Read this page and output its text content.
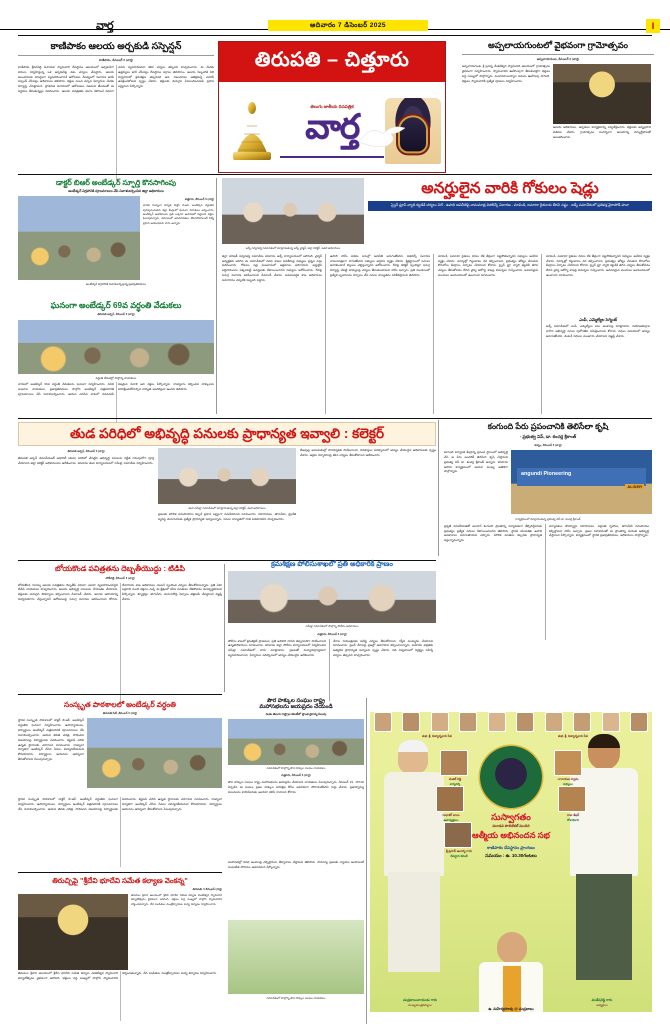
వార్త	ఆదివారం 7 డిసెంబర్ 2025	I
తిరుపతి – చిత్తూరు
తెలుగు జాతీయ దినపత్రిక
వార్త
కాణిపాకం ఆలయ అర్చకుడి సస్పెన్షన్
కాణిపాకం, డిసెంబర్ 6 (వార్త)
కాణిపాకం శ్రీవరసిద్ధి వినాయక స్వామివారి దేవస్థానం ఆలయంలో అర్చకుడిగా విధులు నిర్వహిస్తున్న ఒక అర్చకుడిపై ఈఓ చర్యలు చేపట్టారు. ఆలయ నిబంధనలకు విరుద్ధంగా వ్యవహరించారనే ఆరోపణల నేపథ్యంలో విచారణ జరిపి సస్పెండ్ చేసినట్లు అధికారులు తెలిపారు. భక్తుల నుంచి వచ్చిన ఫిర్యాదుల మేరకు దర్యాప్తు చేపట్టామని, ప్రాథమిక విచారణలో ఆరోపణలు నిజమని తేలడంతో ఈ నిర్ణయం తీసుకున్నట్లు వివరించారు. ఆలయ పవిత్రతకు భంగం కలిగించే విధంగా ఎవరు వ్యవహరించినా కఠిన చర్యలు తప్పవని హెచ్చరించారు. ఈ మేరకు ఉత్తర్వులు జారీ చేసినట్లు దేవస్థానం వర్గాలు తెలిపాయి. ఆలయ సిబ్బందికి విధి నిర్వహణలో క్రమశిక్షణ తప్పనిసరి అని, నిబంధనలు అతిక్రమిస్తే ఎవరినీ ఉపేక్షించబోమని స్పష్టం చేశారు. భక్తులకు మెరుగైన సేవలందించడమే ప్రధాన లక్ష్యమని పేర్కొన్నారు.
అప్పలాయగుంటలో వైభవంగా గ్రామోత్సవం
అప్పలాయగుంట, డిసెంబర్ 6 (వార్త)
అప్పలాయగుంట శ్రీ ప్రసన్న వేంకటేశ్వర స్వామివారి ఆలయంలో గ్రామోత్సవం వైభవంగా నిర్వహించారు. స్వామివారిని ఊరేగింపుగా తీసుకువెళ్లగా భక్తులు పెద్ద సంఖ్యలో పాల్గొన్నారు. మంగళవాయిద్యాల నడుమ ఊరేగింపు సాగింది. భక్తులు స్వామివారికి ప్రత్యేక పూజలు నిర్వహించారు.
ఆలయ అధికారులు, అర్చకులు కార్యక్రమాన్ని పర్యవేక్షించారు. భక్తులకు అన్నప్రసాద వితరణ చేశారు. గ్రామోత్సవం సందర్భంగా ఆలయాన్ని విద్యుద్దీపాలతో అలంకరించారు.
డాక్టర్ బిఆర్ అంబేడ్కర్ స్ఫూర్తి కొనసాగింపు
అంబేడ్కర్ విగ్రహానికి పూలమాలలు వేసి నివాళులర్పించిన జిల్లా అధికారులు
చిత్తూరు, డిసెంబర్ 6 (వార్త)
భారత రాజ్యాంగ నిర్మాత డాక్టర్ బి.ఆర్. అంబేడ్కర్ వర్ధంతిని పురస్కరించుకుని జిల్లా కేంద్రంలో ఘనంగా నివాళులు అర్పించారు. అంబేడ్కర్ ఆశయాలను ప్రతి ఒక్కరూ ఆచరణలో పెట్టాలని వక్తలు పిలుపునిచ్చారు. సమాజంలో అసమానతలు తొలగిపోవాలంటే విద్యే ప్రధాన ఆయుధమని వారు అన్నారు.
అంబేడ్కర్ విగ్రహానికి నివాళులర్పిస్తున్న ప్రజాప్రతినిధులు
ఘనంగా అంబేడ్కర్ 69వ వర్ధంతి వేడుకలు
తిరుపతి అర్బన్, డిసెంబర్ 6 (వార్త)
వర్ధంతి వేడుకల్లో పాల్గొన్న నాయకులు
నగరంలో అంబేడ్కర్ 69వ వర్ధంతి వేడుకలను ఘనంగా నిర్వహించారు. వివిధ సంఘాల నాయకులు, ప్రజాప్రతినిధులు పాల్గొని అంబేడ్కర్ చిత్రపటానికి పూలమాలలు వేసి నివాళులర్పించారు. ఆయన చూపిన బాటలో నడవడమే నిజమైన నివాళి అని వక్తలు పేర్కొన్నారు. రాజ్యాంగం కల్పించిన హక్కులను పరిరక్షించుకోవాల్సిన బాధ్యత అందరిపైనా ఉందని తెలిపారు.
జడ్పీ సర్వసభ్య సమావేశంలో మాట్లాడుతున్న జడ్పీ ఛైర్మన్, జిల్లా కలెక్టర్, ఇతర అధికారులు
అనర్హులైన వారికి గోకులం షెడ్లు
స్వైన్ ఫ్లూస్ వ్యాధి కట్టడికి చర్యలు నిల్ - ఉపాధి అవినీతిపై నామమాత్ర విజిలెన్స్ విచారణ - మామిడి, టమాటా రైతులకు తీరని నష్టం - జడ్పీ సమావేశంలో ప్రతిపక్ష వైరాపోడే హవా
జిల్లా పరిషత్ సర్వసభ్య సమావేశం శనివారం జడ్పీ కార్యాలయంలో జరిగింది. చైర్మన్ అధ్యక్షతన జరిగిన ఈ సమావేశంలో వివిధ శాఖల పనితీరుపై సభ్యులు ప్రశ్నల వర్షం కురిపించారు. గోకులం షెడ్ల మంజూరులో అక్రమాలు జరిగాయని, అర్హులైన లబ్ధిదారులను పక్కనపెట్టి అనర్హులకు కేటాయించారని సభ్యులు ఆరోపించారు. దీనిపై సమగ్ర విచారణ జరిపించాలని డిమాండ్ చేశారు. పశుసంవర్ధక శాఖ అధికారులు సమాధానం చెప్పలేక ఇబ్బంది పడ్డారు.
ఉపాధి హామీ పథకం పనుల్లో అవినీతి జరుగుతోందని, విజిలెన్స్ విచారణ నామమాత్రంగా సాగుతోందని సభ్యులు ఆగ్రహం వ్యక్తం చేశారు. క్షేత్రస్థాయిలో పనులు జరగకుండానే బిల్లులు చెల్లిస్తున్నారని ఆరోపించారు. దీనిపై కలెక్టర్ స్పందిస్తూ సమగ్ర దర్యాప్తు చేపట్టి బాధ్యులపై చర్యలు తీసుకుంటామని హామీ ఇచ్చారు. ప్రతి మండలంలో ప్రత్యేక బృందాలను ఏర్పాటు చేసి పనుల నాణ్యతను పరిశీలిస్తామని తెలిపారు.
మామిడి, టమాటా రైతులు ధరలు లేక తీవ్రంగా నష్టపోతున్నారని సభ్యులు ఆవేదన వ్యక్తం చేశారు. మార్కెట్లో గిట్టుబాటు ధర కల్పించాలని, ప్రభుత్వం జోక్యం చేసుకుని కొనుగోలు కేంద్రాలు ఏర్పాటు చేయాలని కోరారు. స్వైన్ ఫ్లూ వ్యాధి కట్టడికి తగిన చర్యలు తీసుకోవడం లేదని వైద్య ఆరోగ్య శాఖపై విమర్శలు గుప్పించారు. అవసరమైన మందులు అందుబాటులో ఉంచాలని సూచించారు.
మామిడి, టమాటా రైతులు ధరలు లేక తీవ్రంగా నష్టపోతున్నారని సభ్యులు ఆవేదన వ్యక్తం చేశారు. మార్కెట్లో గిట్టుబాటు ధర కల్పించాలని, ప్రభుత్వం జోక్యం చేసుకుని కొనుగోలు కేంద్రాలు ఏర్పాటు చేయాలని కోరారు. స్వైన్ ఫ్లూ వ్యాధి కట్టడికి తగిన చర్యలు తీసుకోవడం లేదని వైద్య ఆరోగ్య శాఖపై విమర్శలు గుప్పించారు. అవసరమైన మందులు అందుబాటులో ఉంచాలని సూచించారు.
ఎంపీ, ఎమ్మెల్యేల సెగ్మెంట్
జడ్పీ సమావేశంలో ఎంపీ, ఎమ్మెల్యేలు పలు అంశాలపై మాట్లాడారు. నియోజకవర్గాల వారీగా అభివృద్ధి పనుల పురోగతిని సమీక్షించాలని కోరారు. నిధుల విడుదలలో జాప్యం జరుగుతోందని, వెంటనే నిధులు మంజూరు చేయాలని విజ్ఞప్తి చేశారు.
తుడ పరిధిలో అభివృద్ధి పనులకు ప్రాధాన్యత ఇవ్వాలి : కలెక్టర్
తిరుపతి అర్బన్, డిసెంబర్ 6 (వార్త)
తిరుపతి అర్బన్ డెవలప్‌మెంట్ అథారిటీ (తుడ) పరిధిలో చేపట్టిన అభివృద్ధి పనులను నిర్ణీత గడువులోగా పూర్తి చేయాలని జిల్లా కలెక్టర్ అధికారులను ఆదేశించారు. శనివారం తుడ కార్యాలయంలో సమీక్షా సమావేశం నిర్వహించారు.
తుడ సమీక్షా సమావేశంలో మాట్లాడుతున్న జిల్లా కలెక్టర్, తుడ అధికారులు
ప్రజలకు మౌలిక సదుపాయాల కల్పనే ప్రధాన లక్ష్యంగా పనిచేయాలని సూచించారు. రహదారులు, తాగునీరు, డ్రైనేజీ వ్యవస్థ మెరుగుదలకు ప్రత్యేక ప్రాధాన్యత ఇవ్వాలన్నారు. పనుల నాణ్యతలో రాజీ పడకూడదని హెచ్చరించారు.
లేఅవుట్ల అనుమతుల్లో పారదర్శకత పాటించాలని, దరఖాస్తుల పరిష్కారంలో జాప్యం చేయొద్దని అధికారులకు స్పష్టం చేశారు. అక్రమ నిర్మాణాలపై కఠిన చర్యలు తీసుకోవాలని ఆదేశించారు.
కంగుంది పేరు ప్రపంచానికి తెలిసేలా కృషి
- ప్రభుత్వ విప్, డా. కంచర్ల శ్రీకాంత్
కుప్పం, డిసెంబర్ 6 (వార్త)
కంగుంది పర్యాటక కేంద్రాన్ని ప్రపంచ స్థాయిలో అభివృద్ధి చేసి ఆ పేరు అందరికీ తెలిసేలా కృషి చేస్తామని ప్రభుత్వ విప్ డా. కంచర్ల శ్రీకాంత్ అన్నారు. శనివారం జరిగిన కార్యక్రమంలో ఆయన ముఖ్య అతిథిగా పాల్గొన్నారు.	angundi Pioneering
ALISER
కార్యక్రమంలో మాట్లాడుతున్న ప్రభుత్వ విప్ డా. కంచర్ల శ్రీకాంత్
ప్రకృతి రమణీయతతో అలరారే కంగుంది ప్రాంతాన్ని పర్యాటకంగా తీర్చిదిద్దేందుకు ప్రభుత్వం ప్రత్యేక నిధులు కేటాయించిందని తెలిపారు. స్థానిక యువతకు ఉపాధి అవకాశాలు పెరుగుతాయని చెప్పారు. మౌలిక వసతుల కల్పనకు ప్రాధాన్యత ఇస్తున్నామన్నారు.
పర్యాటకుల సౌకర్యార్థం రహదారులు, విశ్రాంతి గృహాలు, తాగునీటి సదుపాయం కల్పిస్తామని హామీ ఇచ్చారు. ప్రజల సహకారంతో ఈ ప్రాంతాన్ని మరింత అభివృద్ధి చేస్తామని పేర్కొన్నారు. కార్యక్రమంలో స్థానిక ప్రజాప్రతినిధులు, అధికారులు పాల్గొన్నారు.
బోయకొండ పవిత్రతను దెబ్బతీయొద్దు : టిడిపి
చౌడేపల్లె, డిసెంబర్ 6 (వార్త)
బోయకొండ గంగమ్మ ఆలయ పవిత్రతను దెబ్బతీసే విధంగా ఎవరూ వ్యవహరించవద్దని టిడిపి నాయకులు హెచ్చరించారు. ఆలయ అభివృద్ధి పనులను వేగవంతం చేయాలని, భక్తులకు మెరుగైన సౌకర్యాలు కల్పించాలని డిమాండ్ చేశారు. ఆలయ ఆదాయాన్ని దుర్వినియోగం చేస్తున్నారనే ఆరోపణలపై సమగ్ర విచారణ జరిపించాలని కోరారు. దేవాదాయ శాఖ అధికారులు వెంటనే స్పందించి చర్యలు తీసుకోవాలన్నారు. ప్రతి ఏటా లక్షలాది మంది భక్తులు వచ్చే ఈ క్షేత్రంలో కనీస వసతులు లేకపోవడం దురదృష్టకరమని పేర్కొన్నారు. క్యూలైన్లు, తాగునీరు, మరుగుదొడ్ల ఏర్పాటు తక్షణమే చేపట్టాలని విజ్ఞప్తి చేశారు.
క్రమశిక్షణ పోలీసుశాఖలో ప్రతి అధికారికీ ప్రాణం
సమీక్షా సమావేశంలో పాల్గొన్న పోలీసు అధికారులు
చిత్తూరు, డిసెంబర్ 6 (వార్త)
పోలీసు శాఖలో క్రమశిక్షణే ప్రాణమని, ప్రతి అధికారి దానిని తప్పనిసరిగా పాటించాలని ఉన్నతాధికారులు సూచించారు. శనివారం జిల్లా పోలీసు కార్యాలయంలో నిర్వహించిన సమీక్షా సమావేశంలో వారు మాట్లాడారు. ప్రజలతో మర్యాదపూర్వకంగా వ్యవహరించాలని, ఫిర్యాదుల పరిష్కారంలో జాప్యం చేయొద్దని ఆదేశించారు.
నేరాల నియంత్రణకు పటిష్ట చర్యలు తీసుకోవాలని, గస్తీని ముమ్మరం చేయాలని సూచించారు. సైబర్ నేరాలపై ప్రజల్లో అవగాహన కల్పించాలన్నారు. మహిళల భద్రతకు అత్యధిక ప్రాధాన్యత ఇవ్వాలని స్పష్టం చేశారు. విధి నిర్వహణలో నిర్లక్ష్యం వహిస్తే చర్యలు తప్పవని హెచ్చరించారు.
సంస్కృత పాఠశాలలో అంబేడ్కర్ వర్ధంతి
తిరుపతి సిటీ, డిసెంబర్ 6 (వార్త)
స్థానిక సంస్కృత పాఠశాలలో డాక్టర్ బి.ఆర్. అంబేడ్కర్ వర్ధంతిని ఘనంగా నిర్వహించారు. ఉపాధ్యాయులు, విద్యార్థులు అంబేడ్కర్ చిత్రపటానికి పూలమాలలు వేసి నివాళులర్పించారు. ఆయన జీవిత చరిత్ర, సాధించిన విజయాలపై విద్యార్థులకు వివరించారు. కష్టపడి చదివి ఉన్నత స్థానాలకు ఎదగాలని సూచించారు. రాజ్యాంగ నిర్మాతగా అంబేడ్కర్ చేసిన సేవలు చిరస్మరణీయమని కొనియాడారు. విద్యార్థులు ఆయనను ఆదర్శంగా తీసుకోవాలని పిలుపునిచ్చారు.
స్థానిక సంస్కృత పాఠశాలలో డాక్టర్ బి.ఆర్. అంబేడ్కర్ వర్ధంతిని ఘనంగా నిర్వహించారు. ఉపాధ్యాయులు, విద్యార్థులు అంబేడ్కర్ చిత్రపటానికి పూలమాలలు వేసి నివాళులర్పించారు. ఆయన జీవిత చరిత్ర, సాధించిన విజయాలపై విద్యార్థులకు వివరించారు. కష్టపడి చదివి ఉన్నత స్థానాలకు ఎదగాలని సూచించారు. రాజ్యాంగ నిర్మాతగా అంబేడ్కర్ చేసిన సేవలు చిరస్మరణీయమని కొనియాడారు. విద్యార్థులు ఆయనను ఆదర్శంగా తీసుకోవాలని పిలుపునిచ్చారు.
పౌర హక్కుల సంఘం రాష్ట్ర
మహాసభలను జయప్రదం చేయండి
రెండు తెలుగు రాష్ట్రాల కమిటీలో ప్రాంత వైరావ్య పిలుపు
సమావేశంలో పాల్గొన్న పౌర హక్కుల సంఘం నాయకులు
చిత్తూరు, డిసెంబర్ 6 (వార్త)
పౌర హక్కుల సంఘం రాష్ట్ర మహాసభలను జయప్రదం చేయాలని నాయకులు పిలుపునిచ్చారు. డిసెంబర్ 23, 1973న ఏర్పడిన ఈ సంఘం ప్రజల హక్కుల పరిరక్షణ కోసం అవిరళంగా పోరాడుతోందని గుర్తు చేశారు. ప్రజాస్వామ్య విలువలను కాపాడేందుకు అందరూ కలిసి రావాలని కోరారు.
మహాసభల్లో వివిధ అంశాలపై చర్చిస్తామని, తీర్మానాలు చేస్తామని తెలిపారు. సామాన్య ప్రజలకు న్యాయం అందాలంటే సంఘటిత పోరాటం అవసరమని పేర్కొన్నారు.
శుభ. శ్రీ. నిత్యాన్నదాన సేవ	శుభ. శ్రీ. నిత్యాన్నదాన సేవ
సుస్వాగతం
వెంకట్ రెడ్డి
కార్యదర్శి
నారాయణ స్వామి
సభ్యులు
సుధాకర్ బాబు
ఉపాధ్యక్షులు
రాజు శేఖర్
కోశాధికారి
శ్రీ ప్రసాద్ ఆచార్య గారు
దేవస్థాన కమిటీ
మూడవ పొలిటికల్ మందిరి
ఆత్మీయ అభినందన సభ
కాణిపాకం దేవస్థానం ప్రాంగణం
సమయం : ఉ. 10.30గంటలు
చంద్రబాబునాయుడు గారు
ముఖ్యమంత్రివర్యులు
ఉ. మహేశ్వరరావు @ చంద్రబాబు
ముకేషరెడ్డి గారు
అధ్యక్షులు
తిరుచ్చిపై "శ్రీదేవి భూదేవి సమేత కల్యాణ వెంకన్న"
తిరుపతి, 6 డిసెంబర్ (వార్త)
తిరుమల శ్రీవారి ఆలయంలో శ్రీదేవి భూదేవి సమేత కల్యాణ వెంకటేశ్వర స్వామివారి కల్యాణోత్సవం వైభవంగా జరిగింది. భక్తులు పెద్ద సంఖ్యలో పాల్గొని స్వామివారిని దర్శించుకున్నారు. వేద పండితుల మంత్రోచ్ఛారణల మధ్య కల్యాణం నిర్వహించారు.
తిరుమల శ్రీవారి ఆలయంలో శ్రీదేవి భూదేవి సమేత కల్యాణ వెంకటేశ్వర స్వామివారి కల్యాణోత్సవం వైభవంగా జరిగింది. భక్తులు పెద్ద సంఖ్యలో పాల్గొని స్వామివారిని దర్శించుకున్నారు. వేద పండితుల మంత్రోచ్ఛారణల మధ్య కల్యాణం నిర్వహించారు.
సమావేశంలో పాల్గొన్న పౌర హక్కుల సంఘం నాయకులు
